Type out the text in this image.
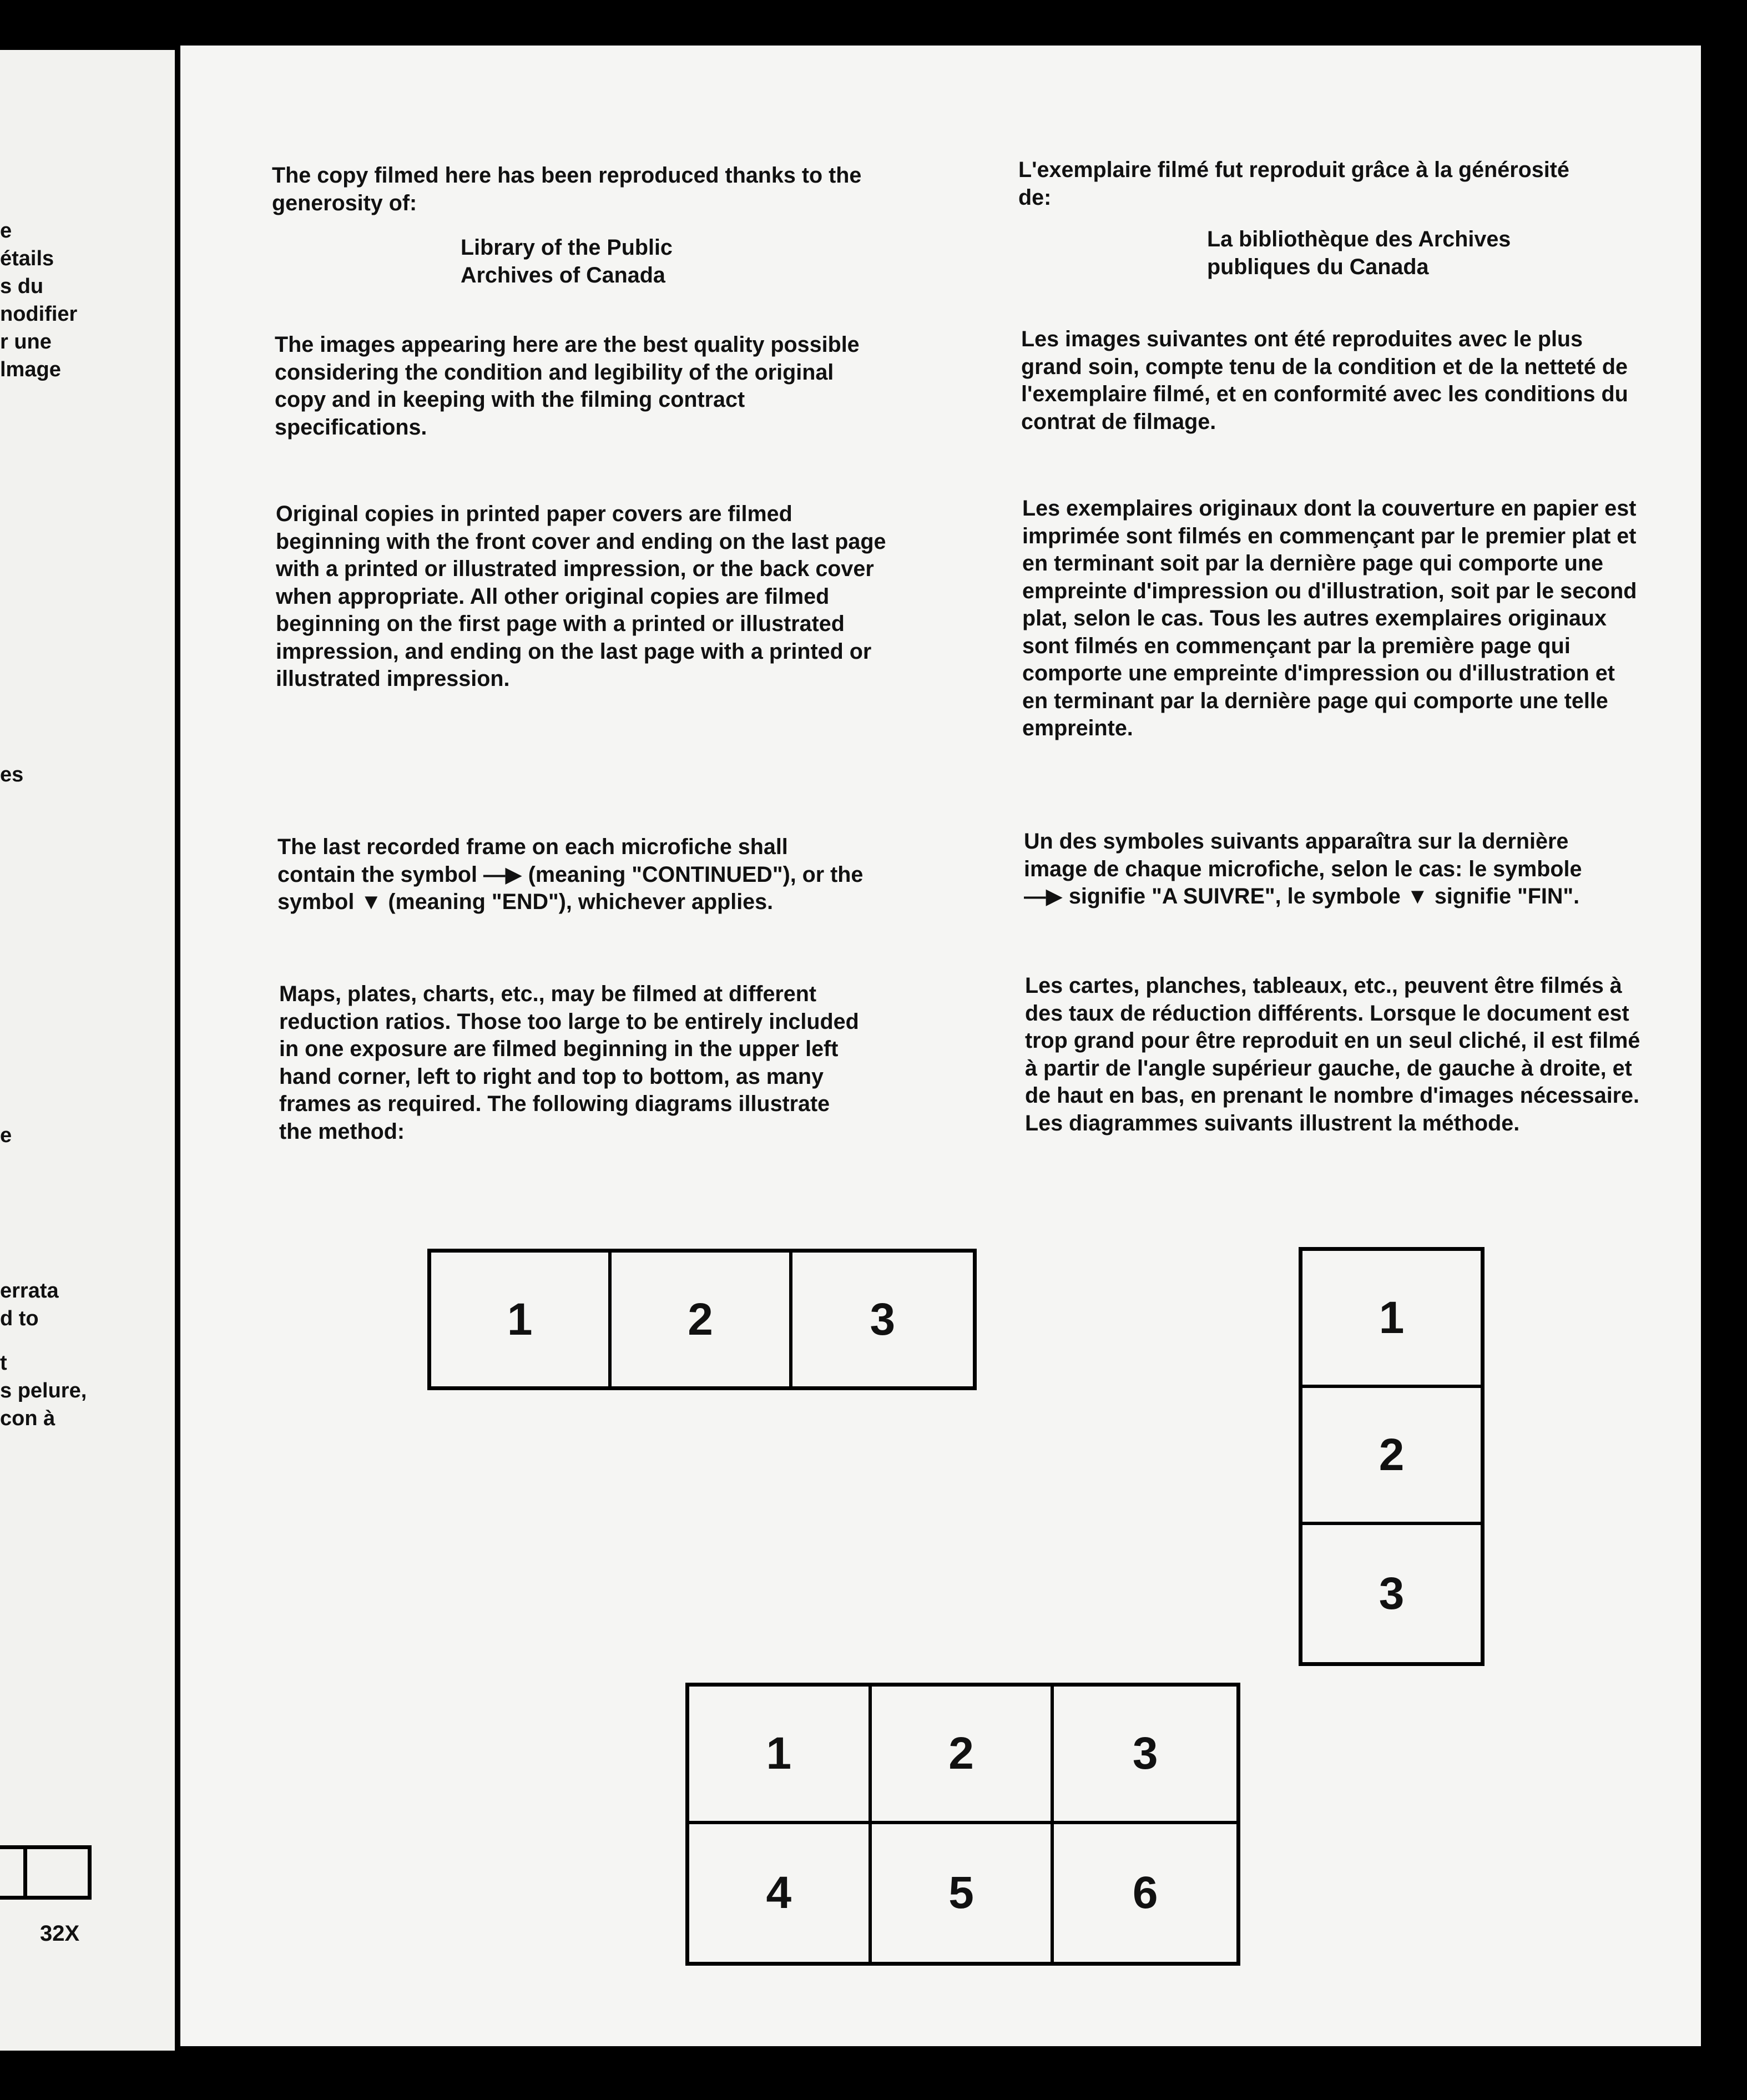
e
étails
s du
nodifier
r une
lmage
es
e
errata
d to
t
s pelure,
con à
32X

The copy filmed here has been reproduced thanks to the generosity of:

Library of the Public
Archives of Canada

The images appearing here are the best quality possible considering the condition and legibility of the original copy and in keeping with the filming contract specifications.

Original copies in printed paper covers are filmed beginning with the front cover and ending on the last page with a printed or illustrated impression, or the back cover when appropriate. All other original copies are filmed beginning on the first page with a printed or illustrated impression, and ending on the last page with a printed or illustrated impression.

The last recorded frame on each microfiche shall contain the symbol —▶ (meaning "CONTINUED"), or the symbol ▼ (meaning "END"), whichever applies.

Maps, plates, charts, etc., may be filmed at different reduction ratios. Those too large to be entirely included in one exposure are filmed beginning in the upper left hand corner, left to right and top to bottom, as many frames as required. The following diagrams illustrate the method:

L'exemplaire filmé fut reproduit grâce à la générosité de:

La bibliothèque des Archives
publiques du Canada

Les images suivantes ont été reproduites avec le plus grand soin, compte tenu de la condition et de la netteté de l'exemplaire filmé, et en conformité avec les conditions du contrat de filmage.

Les exemplaires originaux dont la couverture en papier est imprimée sont filmés en commençant par le premier plat et en terminant soit par la dernière page qui comporte une empreinte d'impression ou d'illustration, soit par le second plat, selon le cas. Tous les autres exemplaires originaux sont filmés en commençant par la première page qui comporte une empreinte d'impression ou d'illustration et en terminant par la dernière page qui comporte une telle empreinte.

Un des symboles suivants apparaîtra sur la dernière image de chaque microfiche, selon le cas: le symbole —▶ signifie "A SUIVRE", le symbole ▼ signifie "FIN".

Les cartes, planches, tableaux, etc., peuvent être filmés à des taux de réduction différents. Lorsque le document est trop grand pour être reproduit en un seul cliché, il est filmé à partir de l'angle supérieur gauche, de gauche à droite, et de haut en bas, en prenant le nombre d'images nécessaire. Les diagrammes suivants illustrent la méthode.

1	2	3	1
2
3
1	2	3
4	5	6
